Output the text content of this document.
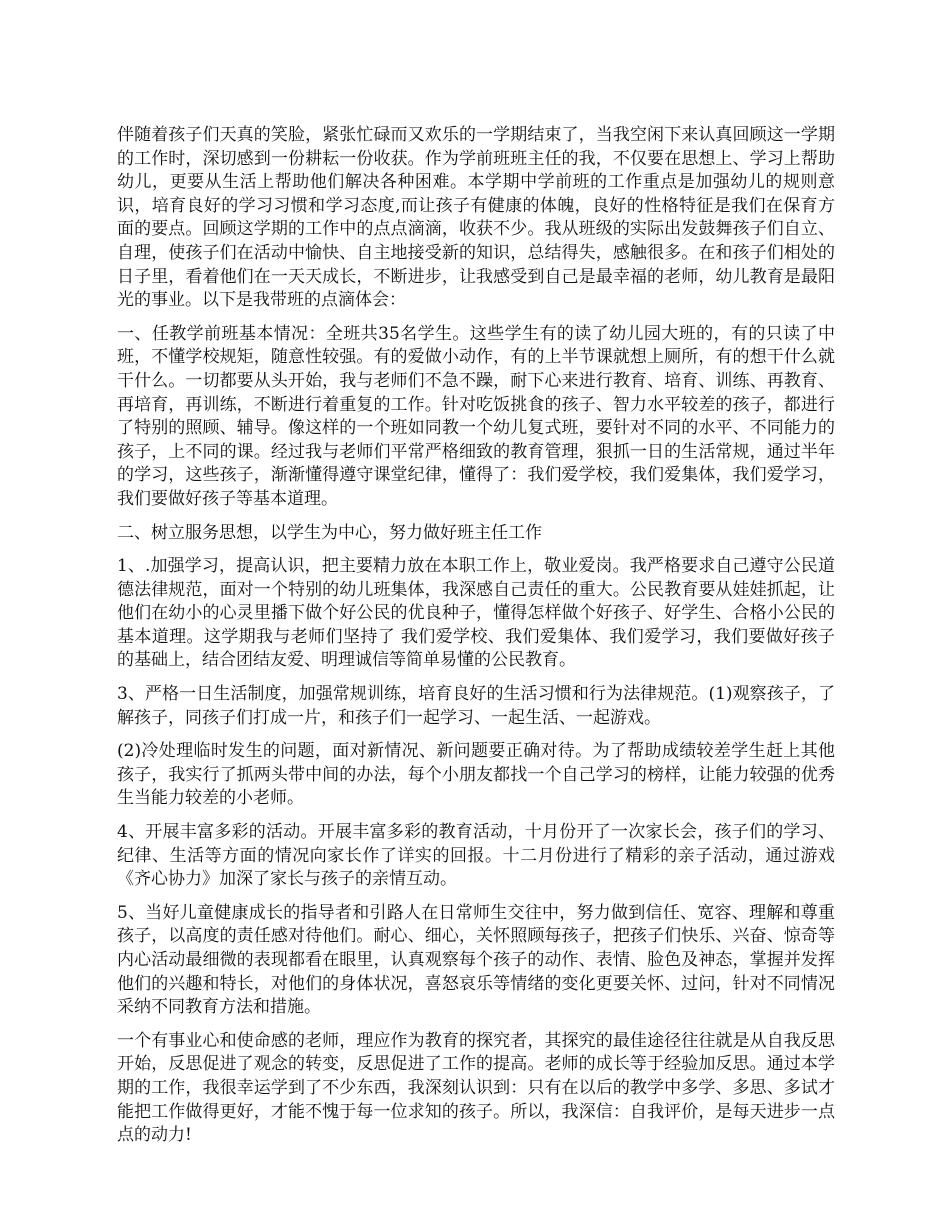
伴随着孩子们天真的笑脸，紧张忙碌而又欢乐的一学期结束了，当我空闲下来认真回顾这一学期的工作时，深切感到一份耕耘一份收获。作为学前班班主任的我，不仅要在思想上、学习上帮助幼儿，更要从生活上帮助他们解决各种困难。本学期中学前班的工作重点是加强幼儿的规则意识，培育良好的学习习惯和学习态度,而让孩子有健康的体魄，良好的性格特征是我们在保育方面的要点。回顾这学期的工作中的点点滴滴，收获不少。我从班级的实际出发鼓舞孩子们自立、自理，使孩子们在活动中愉快、自主地接受新的知识，总结得失，感触很多。在和孩子们相处的日子里，看着他们在一天天成长，不断进步，让我感受到自己是最幸福的老师，幼儿教育是最阳光的事业。以下是我带班的点滴体会：

一、任教学前班基本情况：全班共35名学生。这些学生有的读了幼儿园大班的，有的只读了中班，不懂学校规矩，随意性较强。有的爱做小动作，有的上半节课就想上厕所，有的想干什么就干什么。一切都要从头开始，我与老师们不急不躁，耐下心来进行教育、培育、训练、再教育、再培育，再训练，不断进行着重复的工作。针对吃饭挑食的孩子、智力水平较差的孩子，都进行了特别的照顾、辅导。像这样的一个班如同教一个幼儿复式班，要针对不同的水平、不同能力的孩子，上不同的课。经过我与老师们平常严格细致的教育管理，狠抓一日的生活常规，通过半年的学习，这些孩子，渐渐懂得遵守课堂纪律，懂得了：我们爱学校，我们爱集体，我们爱学习，我们要做好孩子等基本道理。

二、树立服务思想，以学生为中心，努力做好班主任工作

1、.加强学习，提高认识，把主要精力放在本职工作上，敬业爱岗。我严格要求自己遵守公民道德法律规范，面对一个特别的幼儿班集体，我深感自己责任的重大。公民教育要从娃娃抓起，让他们在幼小的心灵里播下做个好公民的优良种子，懂得怎样做个好孩子、好学生、合格小公民的基本道理。这学期我与老师们坚持了 我们爱学校、我们爱集体、我们爱学习，我们要做好孩子的基础上，结合团结友爱、明理诚信等简单易懂的公民教育。

3、严格一日生活制度，加强常规训练，培育良好的生活习惯和行为法律规范。(1)观察孩子，了解孩子，同孩子们打成一片，和孩子们一起学习、一起生活、一起游戏。

(2)冷处理临时发生的问题，面对新情况、新问题要正确对待。为了帮助成绩较差学生赶上其他孩子，我实行了抓两头带中间的办法，每个小朋友都找一个自己学习的榜样，让能力较强的优秀生当能力较差的小老师。

4、开展丰富多彩的活动。开展丰富多彩的教育活动，十月份开了一次家长会，孩子们的学习、纪律、生活等方面的情况向家长作了详实的回报。十二月份进行了精彩的亲子活动，通过游戏《齐心协力》加深了家长与孩子的亲情互动。

5、当好儿童健康成长的指导者和引路人在日常师生交往中，努力做到信任、宽容、理解和尊重孩子，以高度的责任感对待他们。耐心、细心，关怀照顾每孩子，把孩子们快乐、兴奋、惊奇等内心活动最细微的表现都看在眼里，认真观察每个孩子的动作、表情、脸色及神态，掌握并发挥他们的兴趣和特长，对他们的身体状况，喜怒哀乐等情绪的变化更要关怀、过问，针对不同情况采纳不同教育方法和措施。

一个有事业心和使命感的老师，理应作为教育的探究者，其探究的最佳途径往往就是从自我反思开始，反思促进了观念的转变，反思促进了工作的提高。老师的成长等于经验加反思。通过本学期的工作，我很幸运学到了不少东西，我深刻认识到：只有在以后的教学中多学、多思、多试才能把工作做得更好，才能不愧于每一位求知的孩子。所以，我深信：自我评价，是每天进步一点点的动力!
